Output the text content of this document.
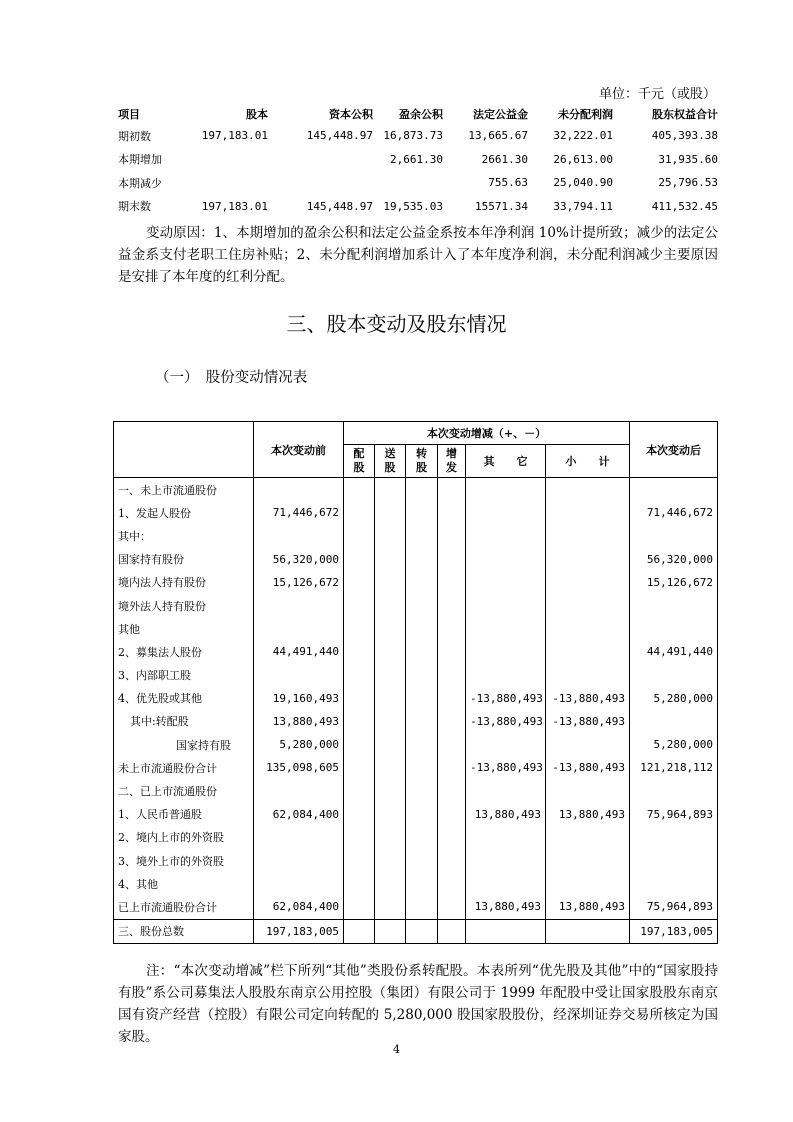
单位：千元（或股）
项目	股本	资本公积	盈余公积	法定公益金	未分配利润	股东权益合计
期初数	197,183.01	145,448.97	16,873.73	13,665.67	32,222.01	405,393.38
本期增加			2,661.30	2661.30	26,613.00	31,935.60
本期减少				755.63	25,040.90	25,796.53
期末数	197,183.01	145,448.97	19,535.03	15571.34	33,794.11	411,532.45
变动原因：1、本期增加的盈余公积和法定公益金系按本年净利润 10%计提所致；减少的法定公益金系支付老职工住房补贴；2、未分配利润增加系计入了本年度净利润，未分配利润减少主要原因是安排了本年度的红利分配。
三、股本变动及股东情况
（一）　股份变动情况表
	本次变动前	本次变动增减（+、－）						本次变动后
		配股	送股	转股	增发	其　　它	小　　计	
一、未上市流通股份								
1、发起人股份	71,446,672							71,446,672
其中：								
国家持有股份	56,320,000							56,320,000
境内法人持有股份	15,126,672							15,126,672
境外法人持有股份								
其他								
2、募集法人股份	44,491,440							44,491,440
3、内部职工股								
4、优先股或其他	19,160,493					-13,880,493	-13,880,493	5,280,000
其中:转配股	13,880,493					-13,880,493	-13,880,493	
国家持有股	5,280,000							5,280,000
未上市流通股份合计	135,098,605					-13,880,493	-13,880,493	121,218,112
二、已上市流通股份								
1、人民币普通股	62,084,400					13,880,493	13,880,493	75,964,893
2、境内上市的外资股								
3、境外上市的外资股								
4、其他								
已上市流通股份合计	62,084,400					13,880,493	13,880,493	75,964,893
三、股份总数	197,183,005							197,183,005
注：“本次变动增减”栏下所列“其他”类股份系转配股。本表所列“优先股及其他”中的“国家股持有股”系公司募集法人股股东南京公用控股（集团）有限公司于 1999 年配股中受让国家股股东南京国有资产经营（控股）有限公司定向转配的 5,280,000 股国家股股份，经深圳证券交易所核定为国家股。
4
